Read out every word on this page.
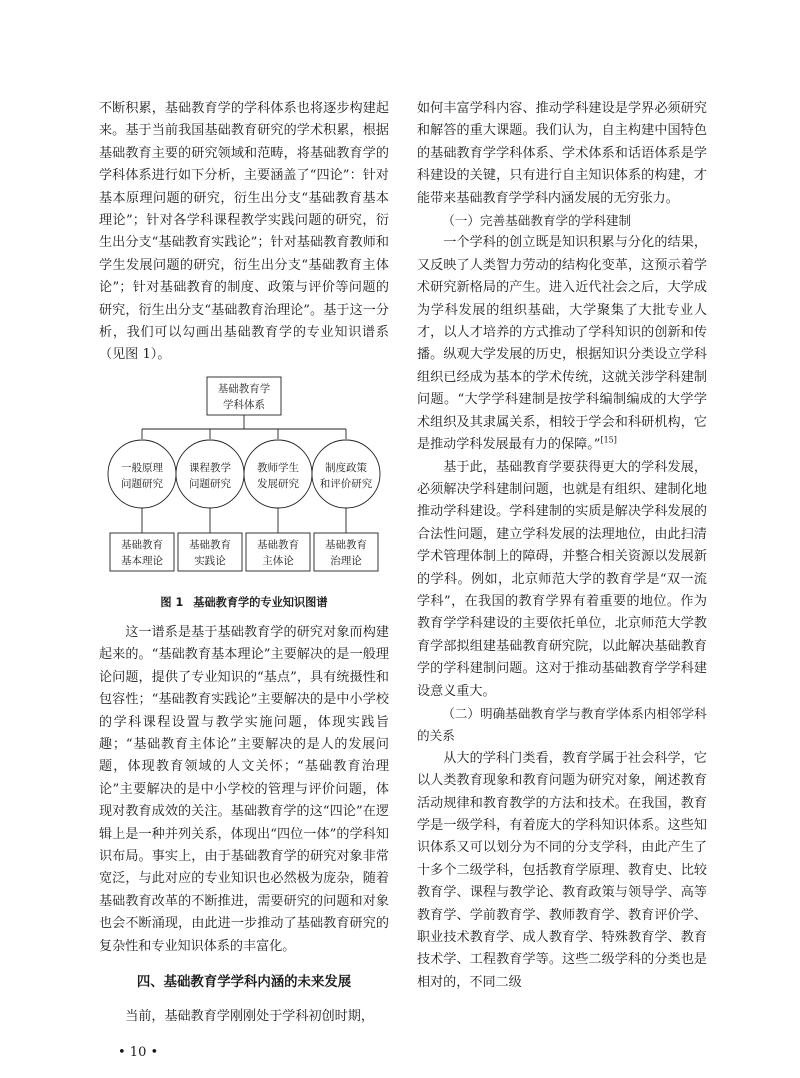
不断积累，基础教育学的学科体系也将逐步构建起来。基于当前我国基础教育研究的学术积累，根据基础教育主要的研究领域和范畴，将基础教育学的学科体系进行如下分析，主要涵盖了“四论”：针对基本原理问题的研究，衍生出分支“基础教育基本理论”；针对各学科课程教学实践问题的研究，衍生出分支“基础教育实践论”；针对基础教育教师和学生发展问题的研究，衍生出分支“基础教育主体论”；针对基础教育的制度、政策与评价等问题的研究，衍生出分支“基础教育治理论”。基于这一分析，我们可以勾画出基础教育学的专业知识谱系（见图 1）。

基础教育学
学科体系
一般原理
问题研究
课程教学
问题研究
教师学生
发展研究
制度政策
和评价研究
基础教育
基本理论
基础教育
实践论
基础教育
主体论
基础教育
治理论

图 1 基础教育学的专业知识图谱

这一谱系是基于基础教育学的研究对象而构建起来的。“基础教育基本理论”主要解决的是一般理论问题，提供了专业知识的“基点”，具有统摄性和包容性；“基础教育实践论”主要解决的是中小学校的学科课程设置与教学实施问题，体现实践旨趣；“基础教育主体论”主要解决的是人的发展问题，体现教育领域的人文关怀；“基础教育治理论”主要解决的是中小学校的管理与评价问题，体现对教育成效的关注。基础教育学的这“四论”在逻辑上是一种并列关系，体现出“四位一体”的学科知识布局。事实上，由于基础教育学的研究对象非常宽泛，与此对应的专业知识也必然极为庞杂，随着基础教育改革的不断推进，需要研究的问题和对象也会不断涌现，由此进一步推动了基础教育研究的复杂性和专业知识体系的丰富化。

四、基础教育学学科内涵的未来发展

当前，基础教育学刚刚处于学科初创时期，

如何丰富学科内容、推动学科建设是学界必须研究和解答的重大课题。我们认为，自主构建中国特色的基础教育学学科体系、学术体系和话语体系是学科建设的关键，只有进行自主知识体系的构建，才能带来基础教育学学科内涵发展的无穷张力。

（一）完善基础教育学的学科建制

一个学科的创立既是知识积累与分化的结果，又反映了人类智力劳动的结构化变革，这预示着学术研究新格局的产生。进入近代社会之后，大学成为学科发展的组织基础，大学聚集了大批专业人才，以人才培养的方式推动了学科知识的创新和传播。纵观大学发展的历史，根据知识分类设立学科组织已经成为基本的学术传统，这就关涉学科建制问题。“大学学科建制是按学科编制编成的大学学术组织及其隶属关系，相较于学会和科研机构，它是推动学科发展最有力的保障。”[15]

基于此，基础教育学要获得更大的学科发展，必须解决学科建制问题，也就是有组织、建制化地推动学科建设。学科建制的实质是解决学科发展的合法性问题，建立学科发展的法理地位，由此扫清学术管理体制上的障碍，并整合相关资源以发展新的学科。例如，北京师范大学的教育学是“双一流学科”，在我国的教育学界有着重要的地位。作为教育学学科建设的主要依托单位，北京师范大学教育学部拟组建基础教育研究院，以此解决基础教育学的学科建制问题。这对于推动基础教育学学科建设意义重大。

（二）明确基础教育学与教育学体系内相邻学科的关系

从大的学科门类看，教育学属于社会科学，它以人类教育现象和教育问题为研究对象，阐述教育活动规律和教育教学的方法和技术。在我国，教育学是一级学科，有着庞大的学科知识体系。这些知识体系又可以划分为不同的分支学科，由此产生了十多个二级学科，包括教育学原理、教育史、比较教育学、课程与教学论、教育政策与领导学、高等教育学、学前教育学、教师教育学、教育评价学、职业技术教育学、成人教育学、特殊教育学、教育技术学、工程教育学等。这些二级学科的分类也是相对的，不同二级

• 10 •
